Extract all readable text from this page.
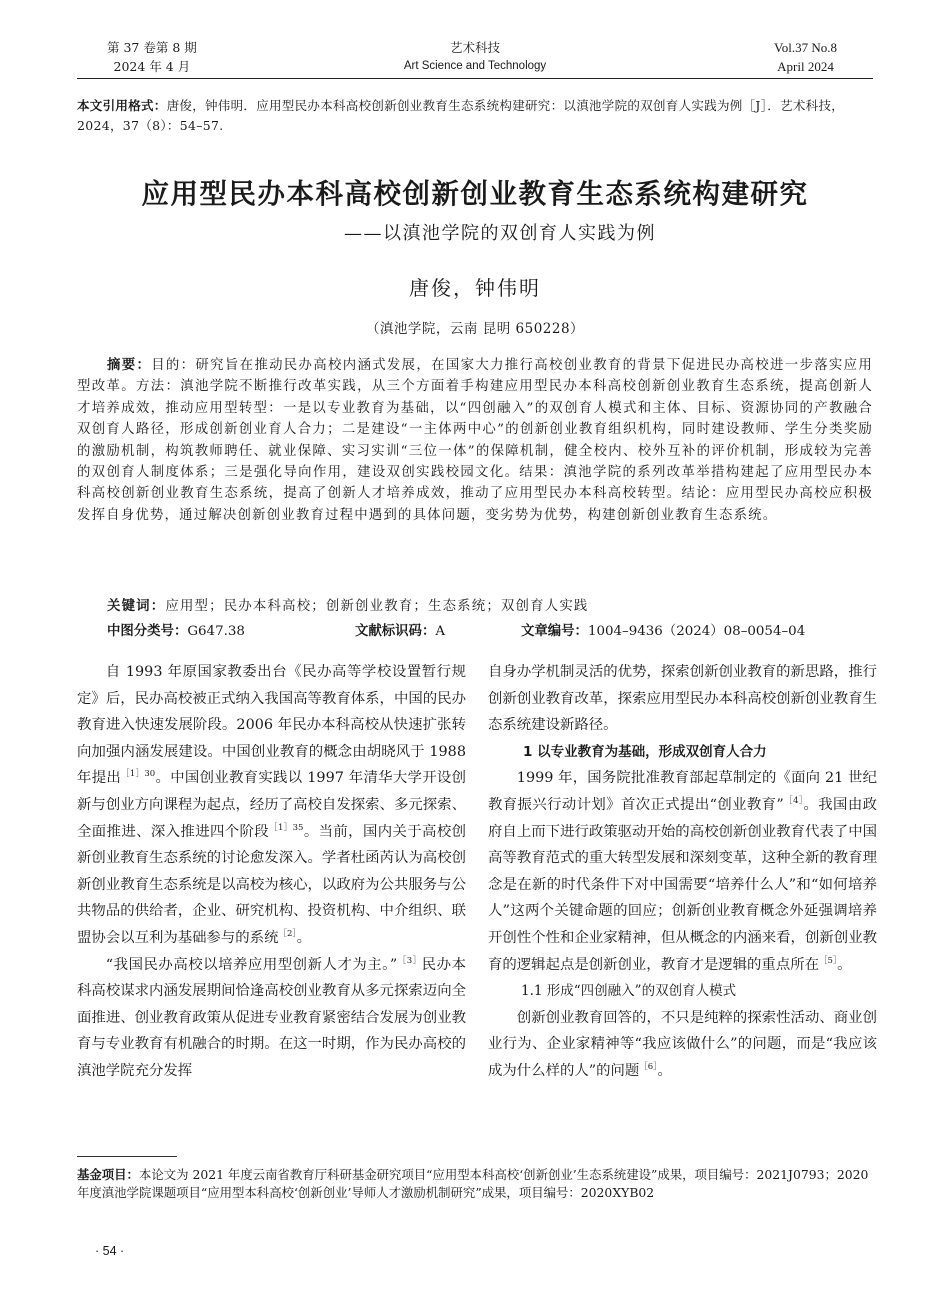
第 37 卷第 8 期
2024 年 4 月
艺术科技
Art Science and Technology
Vol.37 No.8
April 2024
本文引用格式：唐俊，钟伟明．应用型民办本科高校创新创业教育生态系统构建研究：以滇池学院的双创育人实践为例［J］．艺术科技，2024，37（8）：54–57.
应用型民办本科高校创新创业教育生态系统构建研究
——以滇池学院的双创育人实践为例
唐俊，钟伟明
（滇池学院，云南 昆明 650228）
摘要：目的：研究旨在推动民办高校内涵式发展，在国家大力推行高校创业教育的背景下促进民办高校进一步落实应用型改革。方法：滇池学院不断推行改革实践，从三个方面着手构建应用型民办本科高校创新创业教育生态系统，提高创新人才培养成效，推动应用型转型：一是以专业教育为基础，以“四创融入”的双创育人模式和主体、目标、资源协同的产教融合双创育人路径，形成创新创业育人合力；二是建设“一主体两中心”的创新创业教育组织机构，同时建设教师、学生分类奖励的激励机制，构筑教师聘任、就业保障、实习实训“三位一体”的保障机制，健全校内、校外互补的评价机制，形成较为完善的双创育人制度体系；三是强化导向作用，建设双创实践校园文化。结果：滇池学院的系列改革举措构建起了应用型民办本科高校创新创业教育生态系统，提高了创新人才培养成效，推动了应用型民办本科高校转型。结论：应用型民办高校应积极发挥自身优势，通过解决创新创业教育过程中遇到的具体问题，变劣势为优势，构建创新创业教育生态系统。
关键词：应用型；民办本科高校；创新创业教育；生态系统；双创育人实践
中图分类号：G647.38	文献标识码：A	文章编号：1004–9436（2024）08–0054–04

自 1993 年原国家教委出台《民办高等学校设置暂行规定》后，民办高校被正式纳入我国高等教育体系，中国的民办教育进入快速发展阶段。2006 年民办本科高校从快速扩张转向加强内涵发展建设。中国创业教育的概念由胡晓风于 1988 年提出$^{[1]30}$。中国创业教育实践以 1997 年清华大学开设创新与创业方向课程为起点，经历了高校自发探索、多元探索、全面推进、深入推进四个阶段$^{[1]35}$。当前，国内关于高校创新创业教育生态系统的讨论愈发深入。学者杜函芮认为高校创新创业教育生态系统是以高校为核心，以政府为公共服务与公共物品的供给者，企业、研究机构、投资机构、中介组织、联盟协会以互利为基础参与的系统$^{[2]}$。

“我国民办高校以培养应用型创新人才为主。”$^{[3]}$民办本科高校谋求内涵发展期间恰逢高校创业教育从多元探索迈向全面推进、创业教育政策从促进专业教育紧密结合发展为创业教育与专业教育有机融合的时期。在这一时期，作为民办高校的滇池学院充分发挥

自身办学机制灵活的优势，探索创新创业教育的新思路，推行创新创业教育改革，探索应用型民办本科高校创新创业教育生态系统建设新路径。

1 以专业教育为基础，形成双创育人合力

1999 年，国务院批准教育部起草制定的《面向 21 世纪教育振兴行动计划》首次正式提出“创业教育”$^{[4]}$。我国由政府自上而下进行政策驱动开始的高校创新创业教育代表了中国高等教育范式的重大转型发展和深刻变革，这种全新的教育理念是在新的时代条件下对中国需要“培养什么人”和“如何培养人”这两个关键命题的回应；创新创业教育概念外延强调培养开创性个性和企业家精神，但从概念的内涵来看，创新创业教育的逻辑起点是创新创业，教育才是逻辑的重点所在$^{[5]}$。

1.1 形成“四创融入”的双创育人模式

创新创业教育回答的，不只是纯粹的探索性活动、商业创业行为、企业家精神等“我应该做什么”的问题，而是“我应该成为什么样的人”的问题$^{[6]}$。

基金项目：本论文为 2021 年度云南省教育厅科研基金研究项目“应用型本科高校‘创新创业’生态系统建设”成果，项目编号：2021J0793；2020 年度滇池学院课题项目“应用型本科高校‘创新创业’导师人才激励机制研究”成果，项目编号：2020XYB02
· 54 ·
